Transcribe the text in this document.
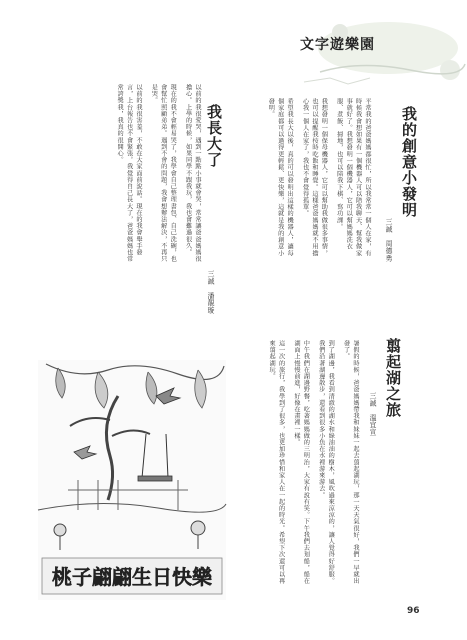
文字遊樂園
我的創意小發明
三誠　周德勇

平常我的爸爸媽媽都很忙，所以我常常一個人在家，有時候我會想如果有一個機器人可以陪我聊天、幫我做家事就好了。我想發明一個機器人，它可以幫媽媽洗衣服、煮飯、掃地，也可以陪我下棋、寫功課。

我想發明一個保母機器人，它可以幫助我做很多事情，也可以提醒我按時吃飯和睡覺。這樣爸爸媽媽就不用擔心我一個人在家了，我也不會覺得孤單。

希望我長大以後，真的可以發明出這樣的機器人，讓每個家庭都可以過得更輕鬆、更快樂，這就是我的創意小發明。

我長大了

以前的我很愛哭，遇到一點點小事就會哭，常常讓爸爸媽媽很擔心。上學的時候，如果同學不跟我玩，我也會難過很久。

現在的我不會輕易哭了，我學會自己整理書包、自己洗碗，也會幫忙照顧弟弟。遇到不會的問題，我會想辦法解決，不再只是哭。

以前的我很害羞，不敢在大家面前說話。現在的我會舉手發言，上台報告也不會緊張。我覺得自己長大了，爸爸媽媽也常常誇獎我，我真的很開心。

三誠　潘靚璇
翦起湖之旅
三誠　溫宜宣

暑假的時候，爸爸媽媽帶我和妹妹一起去翦起湖玩，那一天天氣很好，我們一早就出發了。

到了湖邊，我看到清澈的湖水和綠油油的樹木，風吹過來涼涼的，讓人覺得好舒服。我們沿著湖邊散步，還看到很多小魚在水裡游來游去。

中午我們在湖邊野餐，吃著媽媽做的三明治，大家有說有笑。下午我們去划船，船在湖面上慢慢前進，好像在畫裡一樣。

這一次的旅行，我學到了很多，也更加珍惜和家人在一起的時光。希望下次還可以再來翦起湖玩。

桃子翩翩生日快樂
96
